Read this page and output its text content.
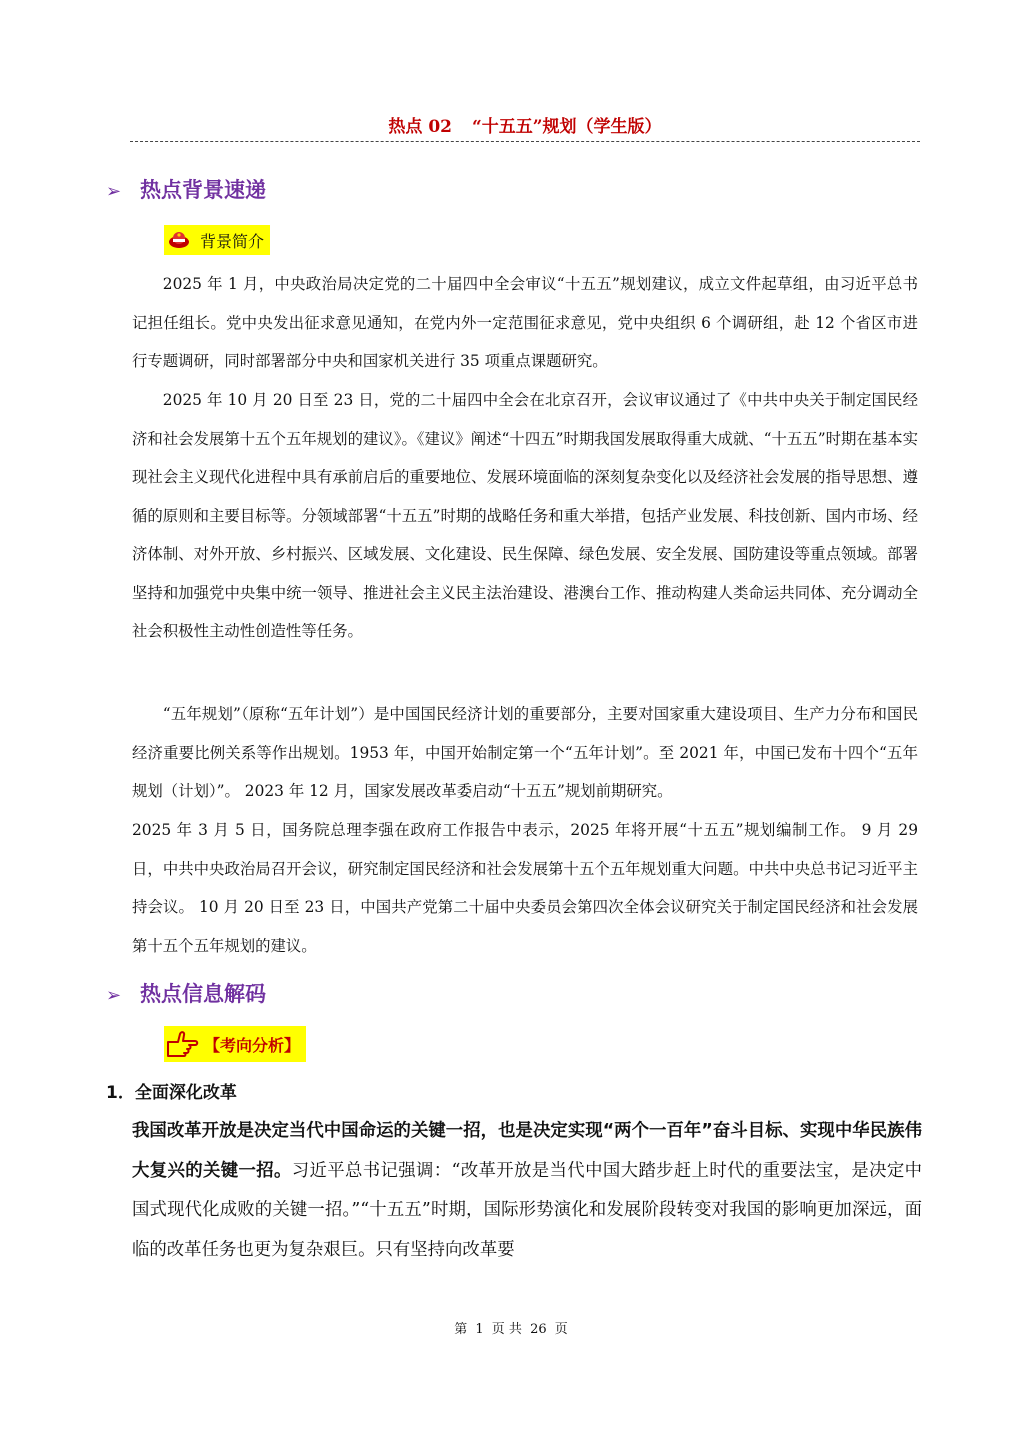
热点 02 “十五五”规划（学生版）
➢ 热点背景速递
背景简介

2025 年 1 月，中央政治局决定党的二十届四中全会审议“十五五”规划建议，成立文件起草组，由习近平总书记担任组长。党中央发出征求意见通知，在党内外一定范围征求意见，党中央组织 6 个调研组，赴 12 个省区市进行专题调研，同时部署部分中央和国家机关进行 35 项重点课题研究。

2025 年 10 月 20 日至 23 日，党的二十届四中全会在北京召开，会议审议通过了《中共中央关于制定国民经济和社会发展第十五个五年规划的建议》。《建议》阐述“十四五”时期我国发展取得重大成就、“十五五”时期在基本实现社会主义现代化进程中具有承前启后的重要地位、发展环境面临的深刻复杂变化以及经济社会发展的指导思想、遵循的原则和主要目标等。分领域部署“十五五”时期的战略任务和重大举措，包括产业发展、科技创新、国内市场、经济体制、对外开放、乡村振兴、区域发展、文化建设、民生保障、绿色发展、安全发展、国防建设等重点领域。部署坚持和加强党中央集中统一领导、推进社会主义民主法治建设、港澳台工作、推动构建人类命运共同体、充分调动全社会积极性主动性创造性等任务。

“五年规划”（原称“五年计划”）是中国国民经济计划的重要部分，主要对国家重大建设项目、生产力分布和国民经济重要比例关系等作出规划。1953 年，中国开始制定第一个“五年计划”。至 2021 年，中国已发布十四个“五年规划（计划）”。 2023 年 12 月，国家发展改革委启动“十五五”规划前期研究。

2025 年 3 月 5 日，国务院总理李强在政府工作报告中表示，2025 年将开展“十五五”规划编制工作。 9 月 29 日，中共中央政治局召开会议，研究制定国民经济和社会发展第十五个五年规划重大问题。中共中央总书记习近平主持会议。 10 月 20 日至 23 日，中国共产党第二十届中央委员会第四次全体会议研究关于制定国民经济和社会发展第十五个五年规划的建议。

➢ 热点信息解码
【考向分析】
1．全面深化改革

我国改革开放是决定当代中国命运的关键一招，也是决定实现“两个一百年”奋斗目标、实现中华民族伟大复兴的关键一招。习近平总书记强调：“改革开放是当代中国大踏步赶上时代的重要法宝，是决定中国式现代化成败的关键一招。”“十五五”时期，国际形势演化和发展阶段转变对我国的影响更加深远，面临的改革任务也更为复杂艰巨。只有坚持向改革要

第 1 页 共 26 页
